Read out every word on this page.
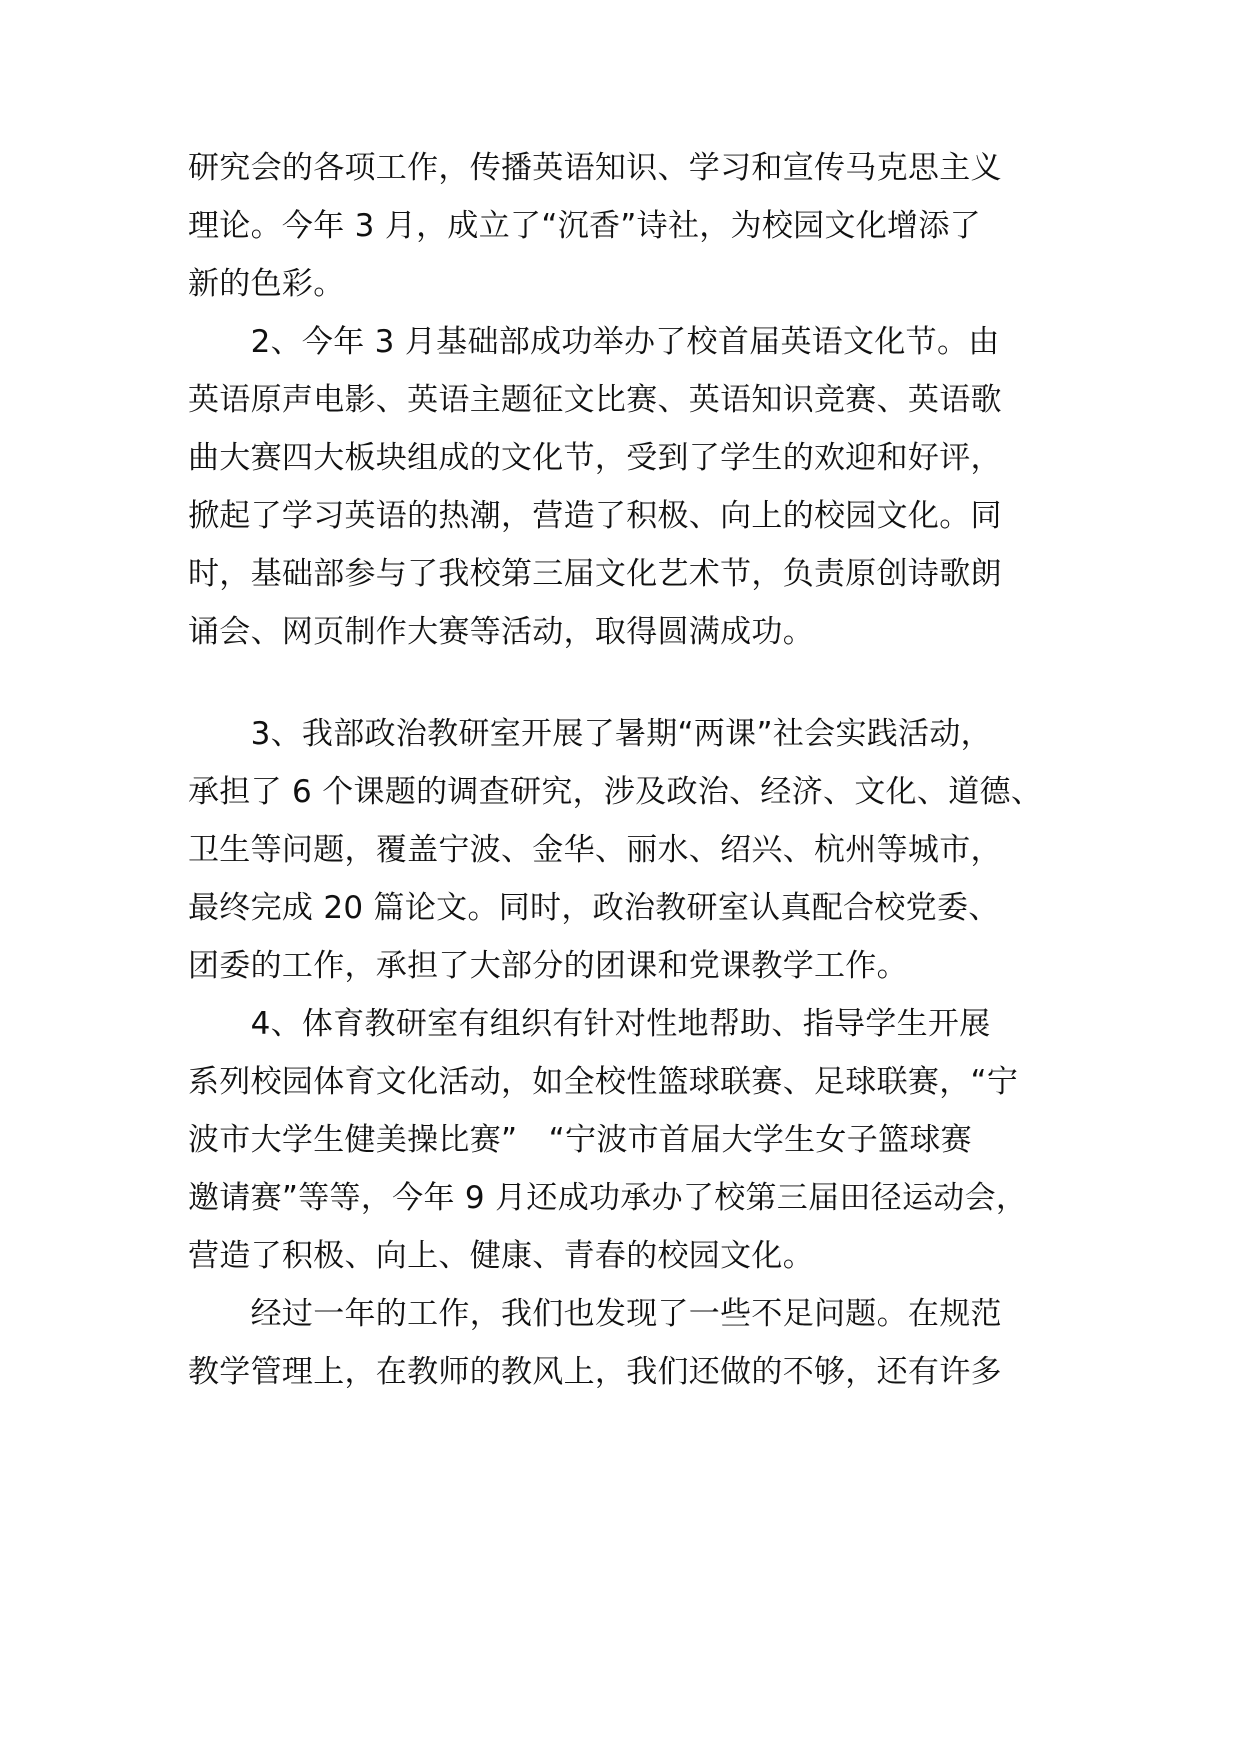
研究会的各项工作，传播英语知识、学习和宣传马克思主义
理论。今年 3 月，成立了“沉香”诗社，为校园文化增添了
新的色彩。
　　2、今年 3 月基础部成功举办了校首届英语文化节。由
英语原声电影、英语主题征文比赛、英语知识竞赛、英语歌
曲大赛四大板块组成的文化节，受到了学生的欢迎和好评，
掀起了学习英语的热潮，营造了积极、向上的校园文化。同
时，基础部参与了我校第三届文化艺术节，负责原创诗歌朗
诵会、网页制作大赛等活动，取得圆满成功。
　　3、我部政治教研室开展了暑期“两课”社会实践活动，
承担了 6 个课题的调查研究，涉及政治、经济、文化、道德、
卫生等问题，覆盖宁波、金华、丽水、绍兴、杭州等城市，
最终完成 20 篇论文。同时，政治教研室认真配合校党委、
团委的工作，承担了大部分的团课和党课教学工作。
　　4、体育教研室有组织有针对性地帮助、指导学生开展
系列校园体育文化活动，如全校性篮球联赛、足球联赛，“宁
波市大学生健美操比赛”　“宁波市首届大学生女子篮球赛
邀请赛”等等，今年 9 月还成功承办了校第三届田径运动会，
营造了积极、向上、健康、青春的校园文化。
　　经过一年的工作，我们也发现了一些不足问题。在规范
教学管理上，在教师的教风上，我们还做的不够，还有许多
